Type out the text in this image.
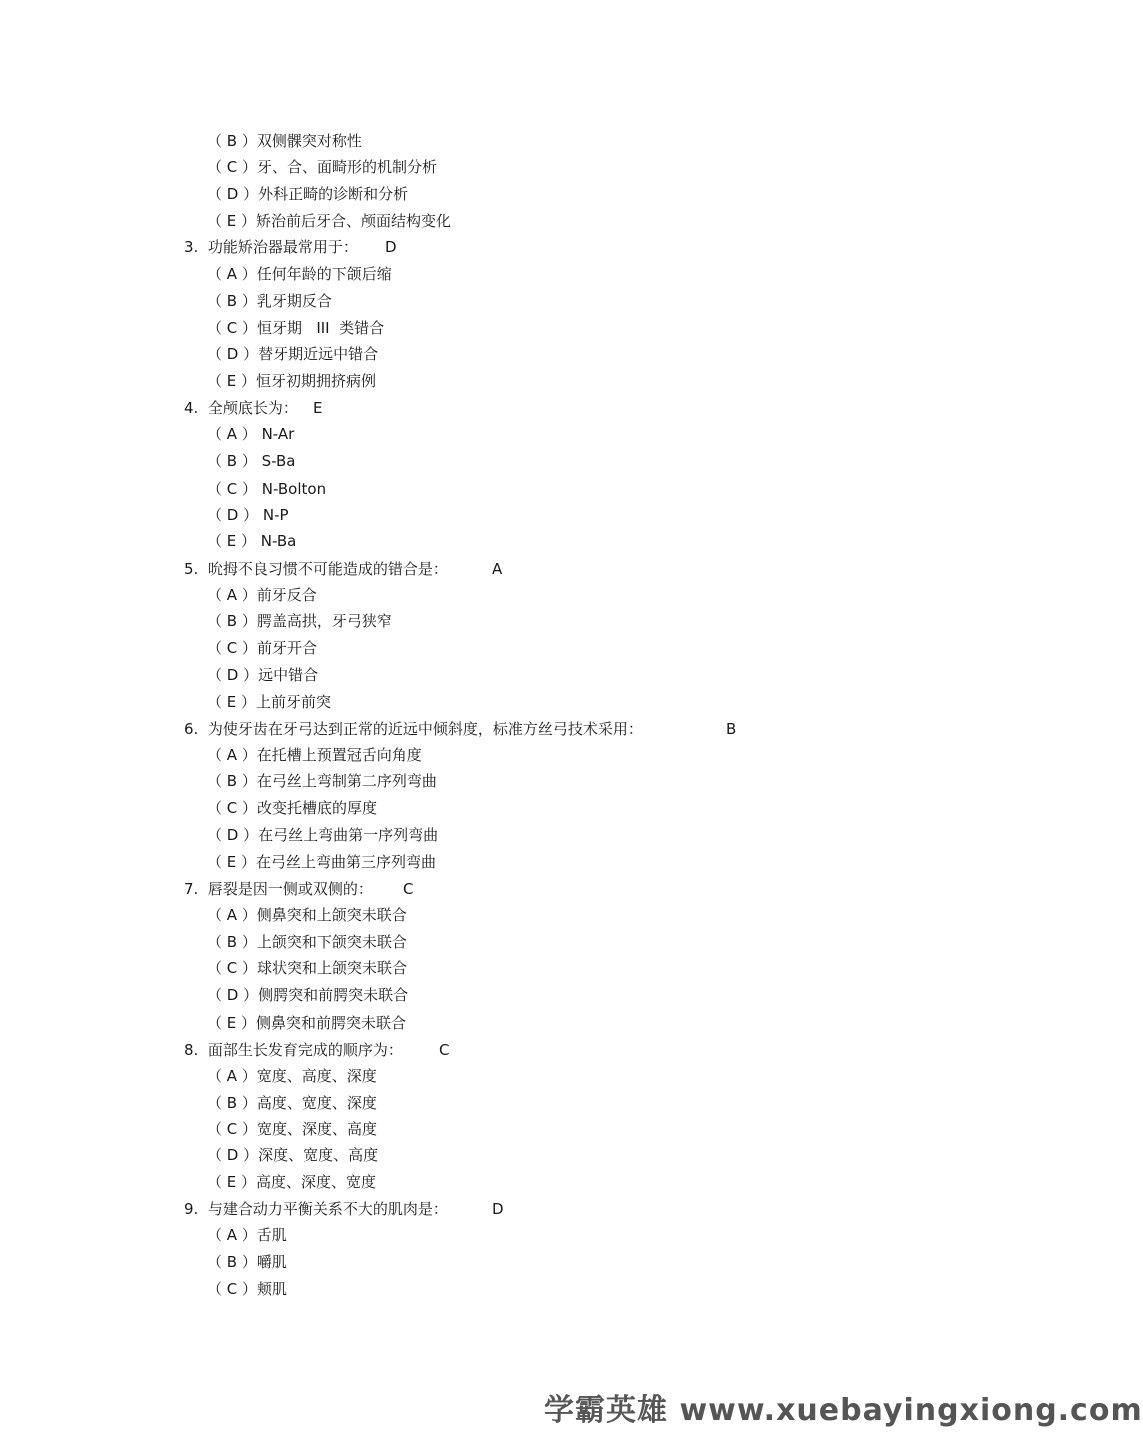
（ B ）双侧髁突对称性
（ C ）牙、合、面畸形的机制分析
（ D ）外科正畸的诊断和分析
（ E ）矫治前后牙合、颅面结构变化
3.  功能矫治器最常用于： D
（ A ）任何年龄的下颌后缩
（ B ）乳牙期反合
（ C ）恒牙期   III  类错合
（ D ）替牙期近远中错合
（ E ）恒牙初期拥挤病例
4.  全颅底长为： E
（ A ） N-Ar
（ B ） S-Ba
（ C ） N-Bolton
（ D ） N-P
（ E ） N-Ba
5.  吮拇不良习惯不可能造成的错合是：	A
（ A ）前牙反合
（ B ）腭盖高拱，牙弓狭窄
（ C ）前牙开合
（ D ）远中错合
（ E ）上前牙前突
6.  为使牙齿在牙弓达到正常的近远中倾斜度，标准方丝弓技术采用：	B
（ A ）在托槽上预置冠舌向角度
（ B ）在弓丝上弯制第二序列弯曲
（ C ）改变托槽底的厚度
（ D ）在弓丝上弯曲第一序列弯曲
（ E ）在弓丝上弯曲第三序列弯曲
7.  唇裂是因一侧或双侧的： C
（ A ）侧鼻突和上颌突未联合
（ B ）上颌突和下颌突未联合
（ C ）球状突和上颌突未联合
（ D ）侧腭突和前腭突未联合
（ E ）侧鼻突和前腭突未联合
8.  面部生长发育完成的顺序为： C
（ A ）宽度、高度、深度
（ B ）高度、宽度、深度
（ C ）宽度、深度、高度
（ D ）深度、宽度、高度
（ E ）高度、深度、宽度
9.  与建合动力平衡关系不大的肌肉是：	D
（ A ）舌肌
（ B ）嚼肌
（ C ）颊肌
学霸英雄 www.xuebayingxiong.com
